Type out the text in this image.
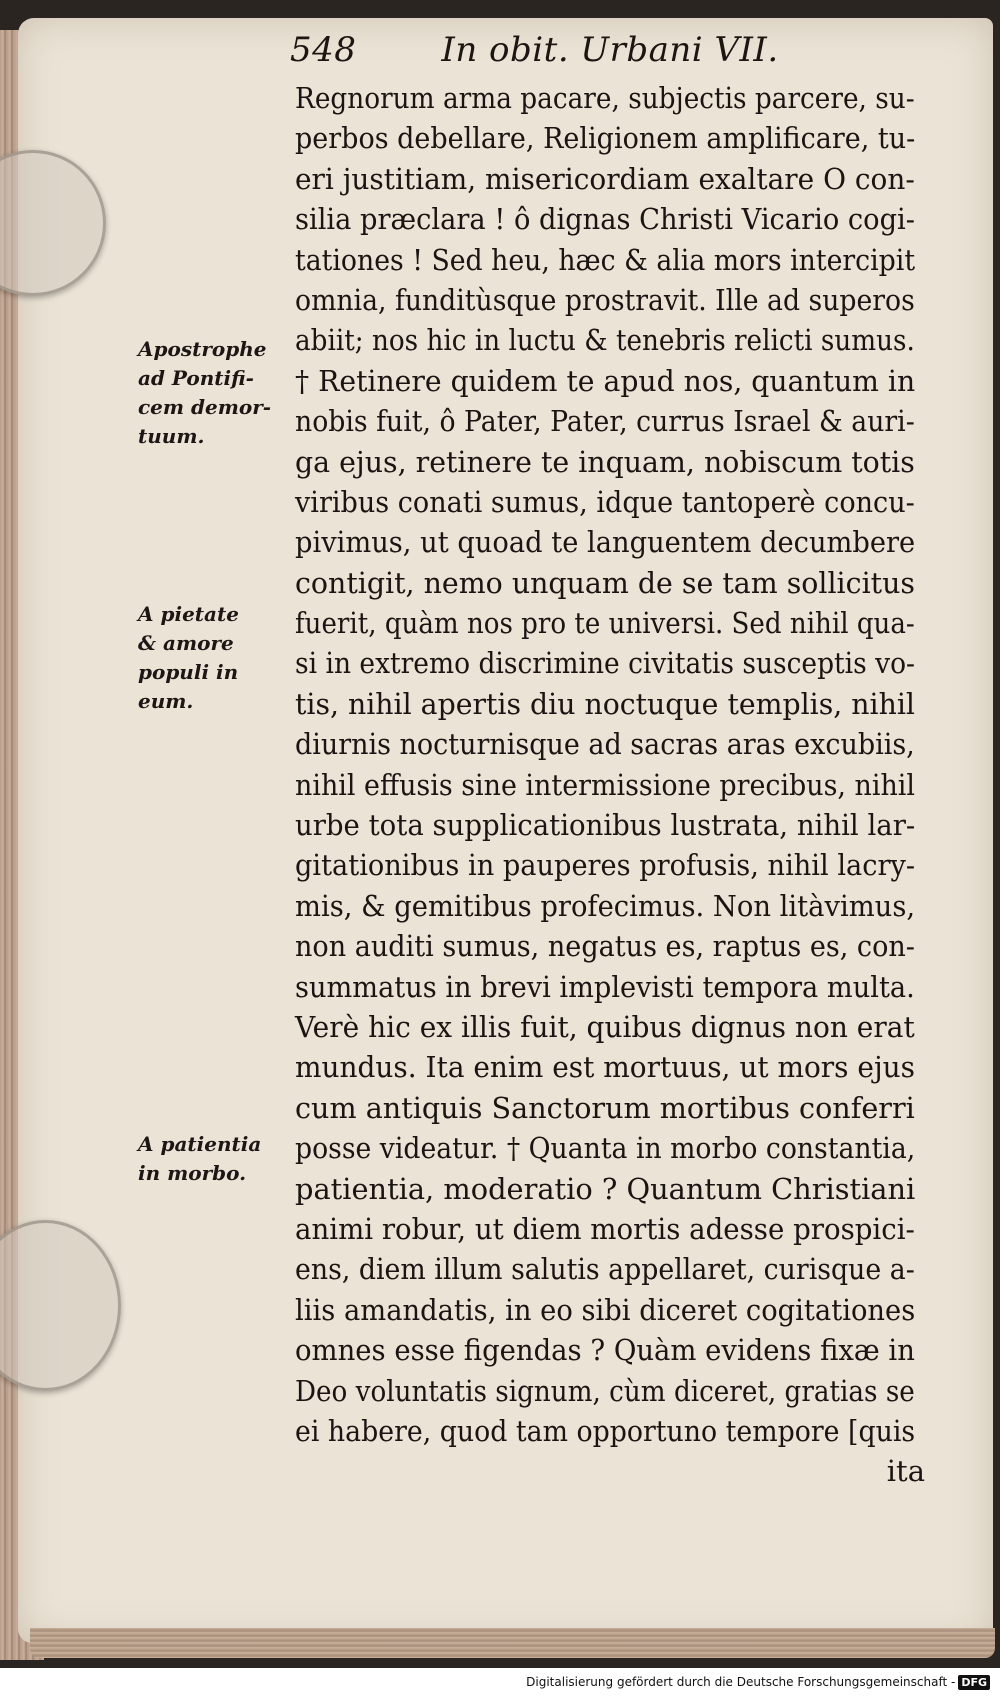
548	In obit. Urbani VII.
Apostrophe
ad Pontifi-
cem demor-
tuum.
A pietate
& amore
populi in
eum.
A patientia
in morbo.
Regnorum arma pacare, subjectis parcere, su-
perbos debellare, Religionem amplificare, tu-
eri justitiam, misericordiam exaltare O con-
silia præclara ! ô dignas Christi Vicario cogi-
tationes ! Sed heu, hæc & alia mors intercipit
omnia, funditùsque prostravit. Ille ad superos
abiit; nos hic in luctu & tenebris relicti sumus.
† Retinere quidem te apud nos, quantum in
nobis fuit, ô Pater, Pater, currus Israel & auri-
ga ejus, retinere te inquam, nobiscum totis
viribus conati sumus, idque tantoperè concu-
pivimus, ut quoad te languentem decumbere
contigit, nemo unquam de se tam sollicitus
fuerit, quàm nos pro te universi. Sed nihil qua-
si in extremo discrimine civitatis susceptis vo-
tis, nihil apertis diu noctuque templis, nihil
diurnis nocturnisque ad sacras aras excubiis,
nihil effusis sine intermissione precibus, nihil
urbe tota supplicationibus lustrata, nihil lar-
gitationibus in pauperes profusis, nihil lacry-
mis, & gemitibus profecimus. Non litàvimus,
non auditi sumus, negatus es, raptus es, con-
summatus in brevi implevisti tempora multa.
Verè hic ex illis fuit, quibus dignus non erat
mundus. Ita enim est mortuus, ut mors ejus
cum antiquis Sanctorum mortibus conferri
posse videatur. † Quanta in morbo constantia,
patientia, moderatio ? Quantum Christiani
animi robur, ut diem mortis adesse prospici-
ens, diem illum salutis appellaret, curisque a-
liis amandatis, in eo sibi diceret cogitationes
omnes esse figendas ? Quàm evidens fixæ in
Deo voluntatis signum, cùm diceret, gratias se
ei habere, quod tam opportuno tempore [quis
ita
Digitalisierung gefördert durch die Deutsche Forschungsgemeinschaft - DFG
